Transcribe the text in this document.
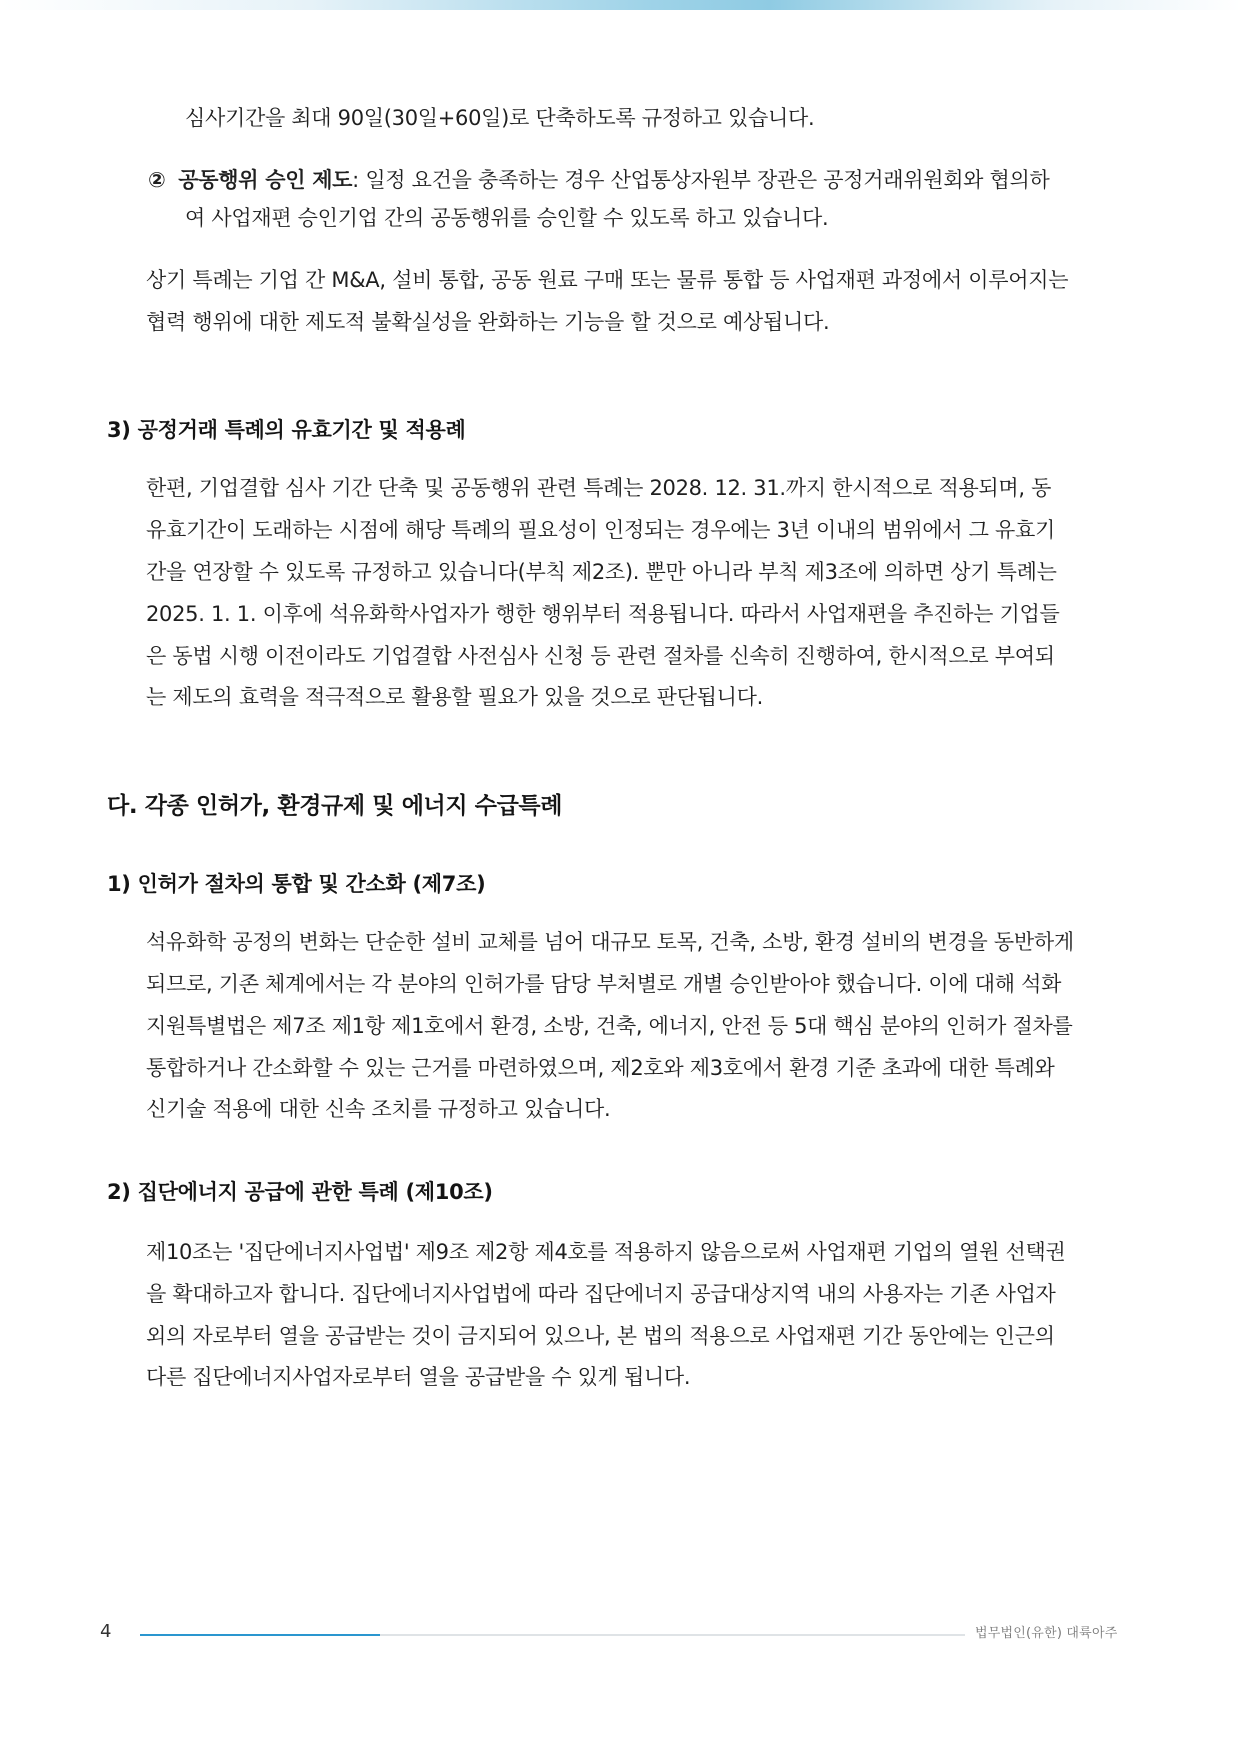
심사기간을 최대 90일(30일+60일)로 단축하도록 규정하고 있습니다.
② 공동행위 승인 제도: 일정 요건을 충족하는 경우 산업통상자원부 장관은 공정거래위원회와 협의하
여 사업재편 승인기업 간의 공동행위를 승인할 수 있도록 하고 있습니다.
상기 특례는 기업 간 M&A, 설비 통합, 공동 원료 구매 또는 물류 통합 등 사업재편 과정에서 이루어지는
협력 행위에 대한 제도적 불확실성을 완화하는 기능을 할 것으로 예상됩니다.
3) 공정거래 특례의 유효기간 및 적용례
한편, 기업결합 심사 기간 단축 및 공동행위 관련 특례는 2028. 12. 31.까지 한시적으로 적용되며, 동
유효기간이 도래하는 시점에 해당 특례의 필요성이 인정되는 경우에는 3년 이내의 범위에서 그 유효기
간을 연장할 수 있도록 규정하고 있습니다(부칙 제2조). 뿐만 아니라 부칙 제3조에 의하면 상기 특례는
2025. 1. 1. 이후에 석유화학사업자가 행한 행위부터 적용됩니다. 따라서 사업재편을 추진하는 기업들
은 동법 시행 이전이라도 기업결합 사전심사 신청 등 관련 절차를 신속히 진행하여, 한시적으로 부여되
는 제도의 효력을 적극적으로 활용할 필요가 있을 것으로 판단됩니다.
다. 각종 인허가, 환경규제 및 에너지 수급특례
1) 인허가 절차의 통합 및 간소화 (제7조)
석유화학 공정의 변화는 단순한 설비 교체를 넘어 대규모 토목, 건축, 소방, 환경 설비의 변경을 동반하게
되므로, 기존 체계에서는 각 분야의 인허가를 담당 부처별로 개별 승인받아야 했습니다. 이에 대해 석화
지원특별법은 제7조 제1항 제1호에서 환경, 소방, 건축, 에너지, 안전 등 5대 핵심 분야의 인허가 절차를
통합하거나 간소화할 수 있는 근거를 마련하였으며, 제2호와 제3호에서 환경 기준 초과에 대한 특례와
신기술 적용에 대한 신속 조치를 규정하고 있습니다.
2) 집단에너지 공급에 관한 특례 (제10조)
제10조는 '집단에너지사업법' 제9조 제2항 제4호를 적용하지 않음으로써 사업재편 기업의 열원 선택권
을 확대하고자 합니다. 집단에너지사업법에 따라 집단에너지 공급대상지역 내의 사용자는 기존 사업자
외의 자로부터 열을 공급받는 것이 금지되어 있으나, 본 법의 적용으로 사업재편 기간 동안에는 인근의
다른 집단에너지사업자로부터 열을 공급받을 수 있게 됩니다.
4	법무법인(유한) 대륙아주
